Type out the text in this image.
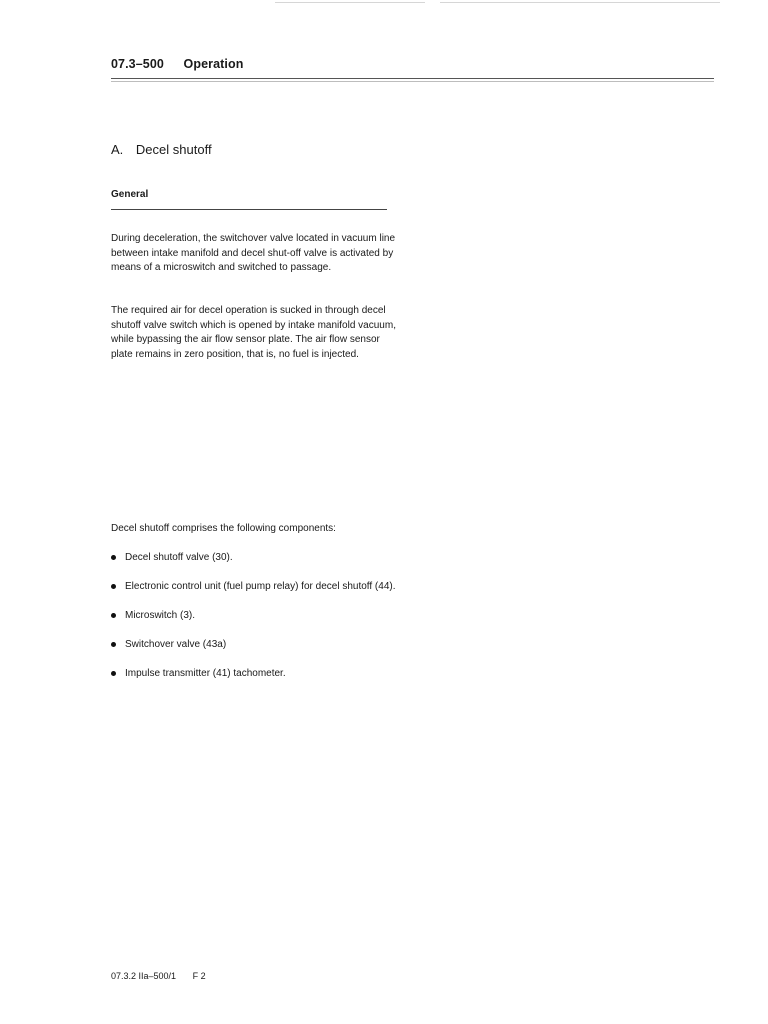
07.3–500 Operation
A. Decel shutoff
General

During deceleration, the switchover valve located in vacuum line between intake manifold and decel shut-off valve is activated by means of a microswitch and switched to passage.

The required air for decel operation is sucked in through decel shutoff valve switch which is opened by intake manifold vacuum, while bypassing the air flow sensor plate. The air flow sensor plate remains in zero position, that is, no fuel is injected.

Decel shutoff comprises the following components:

Decel shutoff valve (30).
Electronic control unit (fuel pump relay) for decel shutoff (44).
Microswitch (3).
Switchover valve (43a)
Impulse transmitter (41) tachometer.
07.3.2 IIa–500/1 F 2
